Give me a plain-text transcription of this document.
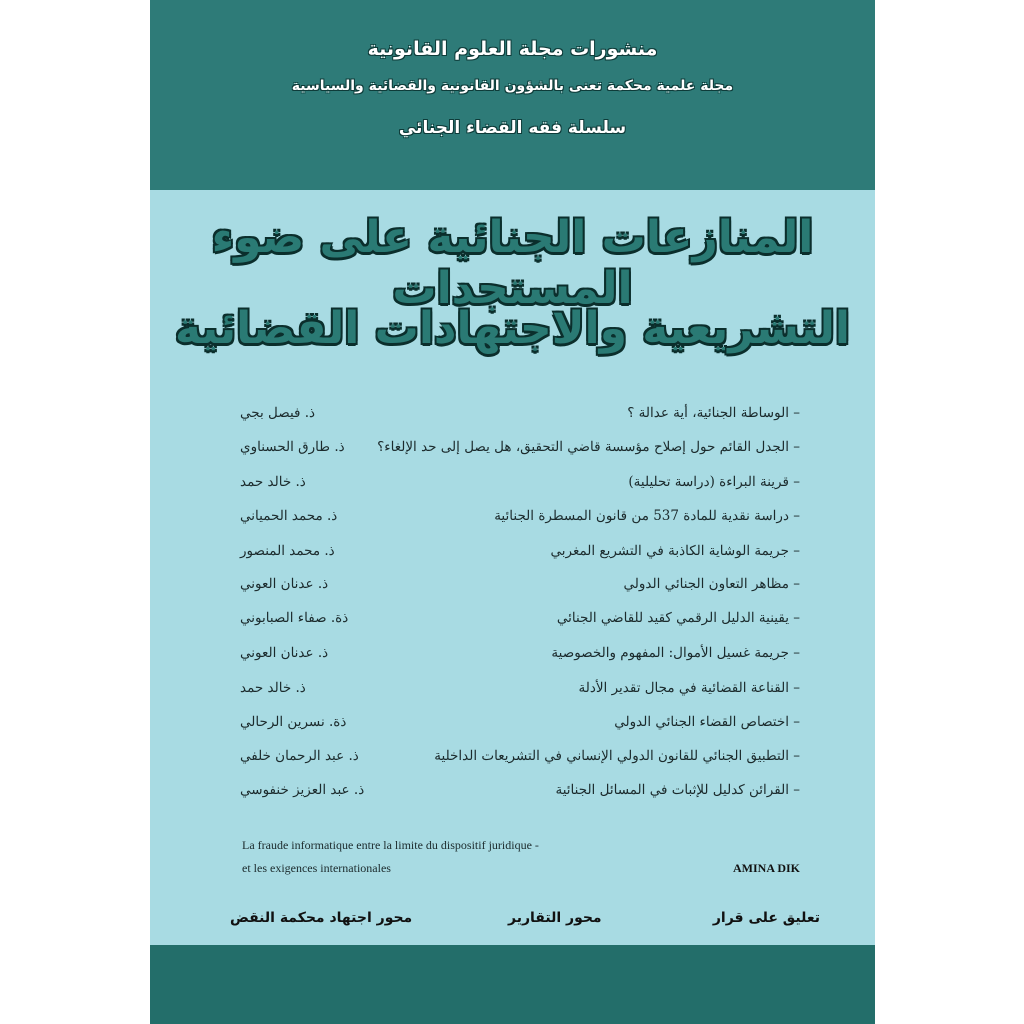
منشورات مجلة العلوم القانونية
مجلة علمية محكمة تعنى بالشؤون القانونية والقضائية والسياسية
سلسلة فقه القضاء الجنائي
المنازعات الجنائية على ضوء المستجدات
التشريعية والاجتهادات القضائية
– الوساطة الجنائية، أية عدالة ؟
ذ. فيصل بجي
– الجدل القائم حول إصلاح مؤسسة قاضي التحقيق، هل يصل إلى حد الإلغاء؟
ذ. طارق الحسناوي
– قرينة البراءة (دراسة تحليلية)
ذ. خالد حمد
– دراسة نقدية للمادة 537 من قانون المسطرة الجنائية
ذ. محمد الحمياني
– جريمة الوشاية الكاذبة في التشريع المغربي
ذ. محمد المنصور
– مظاهر التعاون الجنائي الدولي
ذ. عدنان العوني
– يقينية الدليل الرقمي كقيد للقاضي الجنائي
ذة. صفاء الصبابوني
– جريمة غسيل الأموال: المفهوم والخصوصية
ذ. عدنان العوني
– القناعة القضائية في مجال تقدير الأدلة
ذ. خالد حمد
– اختصاص القضاء الجنائي الدولي
ذة. نسرين الرحالي
– التطبيق الجنائي للقانون الدولي الإنساني في التشريعات الداخلية
ذ. عبد الرحمان خلفي
– القرائن كدليل للإثبات في المسائل الجنائية
ذ. عبد العزيز خنفوسي
La fraude informatique entre la limite du dispositif juridique -
et les exigences internationales	AMINA DIK
تعليق على قرار
محور التقارير
محور اجتهاد محكمة النقض
